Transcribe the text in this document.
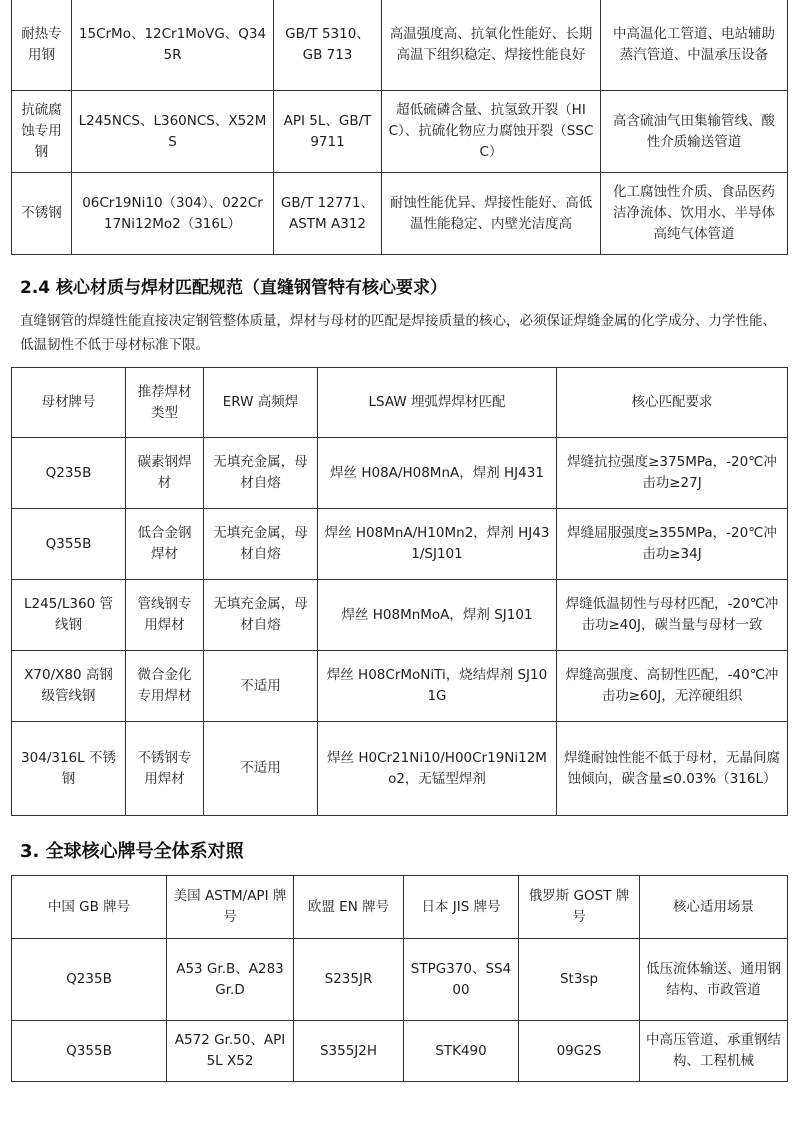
耐热专用钢	15CrMo、12Cr1MoVG、Q345R	GB/T 5310、GB 713	高温强度高、抗氧化性能好、长期高温下组织稳定、焊接性能良好	中高温化工管道、电站辅助蒸汽管道、中温承压设备
抗硫腐蚀专用钢	L245NCS、L360NCS、X52MS	API 5L、GB/T 9711	超低硫磷含量、抗氢致开裂（HIC）、抗硫化物应力腐蚀开裂（SSCC）	高含硫油气田集输管线、酸性介质输送管道
不锈钢	06Cr19Ni10（304）、022Cr17Ni12Mo2（316L）	GB/T 12771、ASTM A312	耐蚀性能优异、焊接性能好、高低温性能稳定、内壁光洁度高	化工腐蚀性介质、食品医药洁净流体、饮用水、半导体高纯气体管道
2.4 核心材质与焊材匹配规范（直缝钢管特有核心要求）
直缝钢管的焊缝性能直接决定钢管整体质量，焊材与母材的匹配是焊接质量的核心，必须保证焊缝金属的化学成分、力学性能、低温韧性不低于母材标准下限。
母材牌号	推荐焊材类型	ERW 高频焊	LSAW 埋弧焊焊材匹配	核心匹配要求
Q235B	碳素钢焊材	无填充金属，母材自熔	焊丝 H08A/H08MnA，焊剂 HJ431	焊缝抗拉强度≥375MPa，-20℃冲击功≥27J
Q355B	低合金钢焊材	无填充金属，母材自熔	焊丝 H08MnA/H10Mn2，焊剂 HJ431/SJ101	焊缝屈服强度≥355MPa，-20℃冲击功≥34J
L245/L360 管线钢	管线钢专用焊材	无填充金属，母材自熔	焊丝 H08MnMoA，焊剂 SJ101	焊缝低温韧性与母材匹配，-20℃冲击功≥40J，碳当量与母材一致
X70/X80 高钢级管线钢	微合金化专用焊材	不适用	焊丝 H08CrMoNiTi，烧结焊剂 SJ101G	焊缝高强度、高韧性匹配，-40℃冲击功≥60J，无淬硬组织
304/316L 不锈钢	不锈钢专用焊材	不适用	焊丝 H0Cr21Ni10/H00Cr19Ni12Mo2，无锰型焊剂	焊缝耐蚀性能不低于母材，无晶间腐蚀倾向，碳含量≤0.03%（316L）
3. 全球核心牌号全体系对照
中国 GB 牌号	美国 ASTM/API 牌号	欧盟 EN 牌号	日本 JIS 牌号	俄罗斯 GOST 牌号	核心适用场景
Q235B	A53 Gr.B、A283 Gr.D	S235JR	STPG370、SS400	St3sp	低压流体输送、通用钢结构、市政管道
Q355B	A572 Gr.50、API 5L X52	S355J2H	STK490	09G2S	中高压管道、承重钢结构、工程机械
